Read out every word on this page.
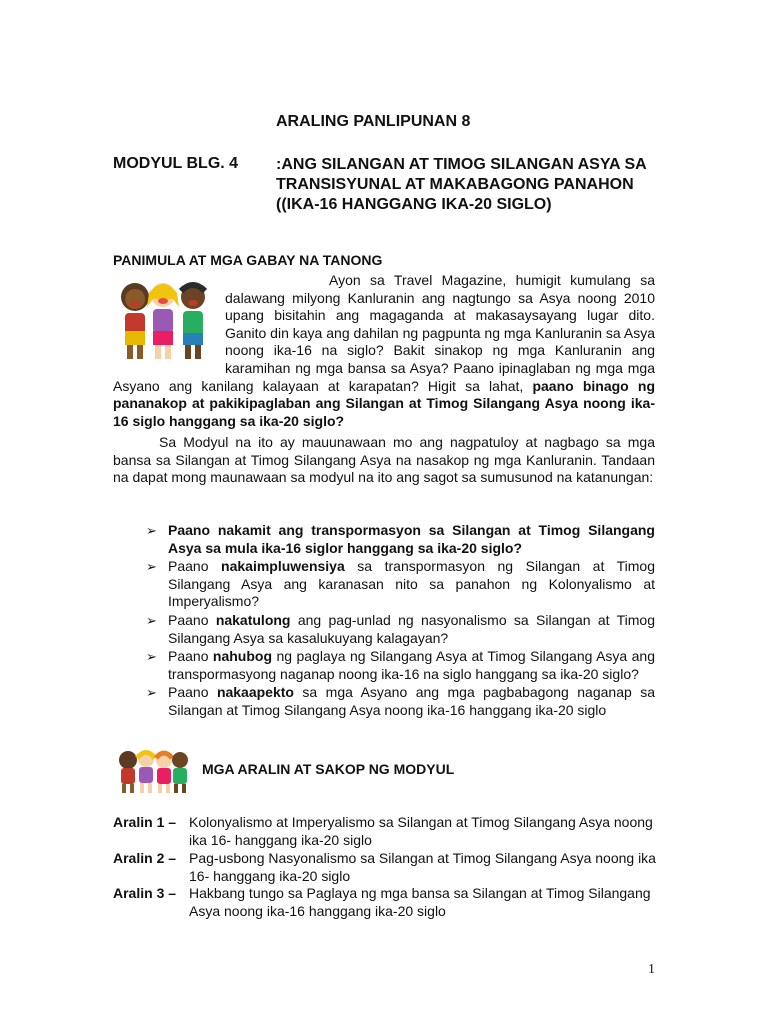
ARALING PANLIPUNAN 8
MODYUL BLG. 4 :ANG SILANGAN AT TIMOG SILANGAN ASYA SA TRANSISYUNAL AT MAKABAGONG PANAHON ((IKA-16 HANGGANG IKA-20 SIGLO)
PANIMULA AT MGA GABAY NA TANONG
Ayon sa Travel Magazine, humigit kumulang sa dalawang milyong Kanluranin ang nagtungo sa Asya noong 2010 upang bisitahin ang magaganda at makasaysayang lugar dito. Ganito din kaya ang dahilan ng pagpunta ng mga Kanluranin sa Asya noong ika-16 na siglo? Bakit sinakop ng mga Kanluranin ang karamihan ng mga bansa sa Asya? Paano ipinaglaban ng mga mga Asyano ang kanilang kalayaan at karapatan? Higit sa lahat, paano binago ng pananakop at pakikipaglaban ang Silangan at Timog Silangang Asya noong ika-16 siglo hanggang sa ika-20 siglo?
Sa Modyul na ito ay mauunawaan mo ang nagpatuloy at nagbago sa mga bansa sa Silangan at Timog Silangang Asya na nasakop ng mga Kanluranin. Tandaan na dapat mong maunawaan sa modyul na ito ang sagot sa sumusunod na katanungan:
➢ Paano nakamit ang transpormasyon sa Silangan at Timog Silangang Asya sa mula ika-16 siglor hanggang sa ika-20 siglo?
➢ Paano nakaimpluwensiya sa transpormasyon ng Silangan at Timog Silangang Asya ang karanasan nito sa panahon ng Kolonyalismo at Imperyalismo?
➢ Paano nakatulong ang pag-unlad ng nasyonalismo sa Silangan at Timog Silangang Asya sa kasalukuyang kalagayan?
➢ Paano nahubog ng paglaya ng Silangang Asya at Timog Silangang Asya ang transpormasyong naganap noong ika-16 na siglo hanggang sa ika-20 siglo?
➢ Paano nakaapekto sa mga Asyano ang mga pagbabagong naganap sa Silangan at Timog Silangang Asya noong ika-16 hanggang ika-20 siglo
MGA ARALIN AT SAKOP NG MODYUL
Aralin 1 – Kolonyalismo at Imperyalismo sa Silangan at Timog Silangang Asya noong ika 16- hanggang ika-20 siglo
Aralin 2 – Pag-usbong Nasyonalismo sa Silangan at Timog Silangang Asya noong ika 16- hanggang ika-20 siglo
Aralin 3 – Hakbang tungo sa Paglaya ng mga bansa sa Silangan at Timog Silangang Asya noong ika-16 hanggang ika-20 siglo
1
